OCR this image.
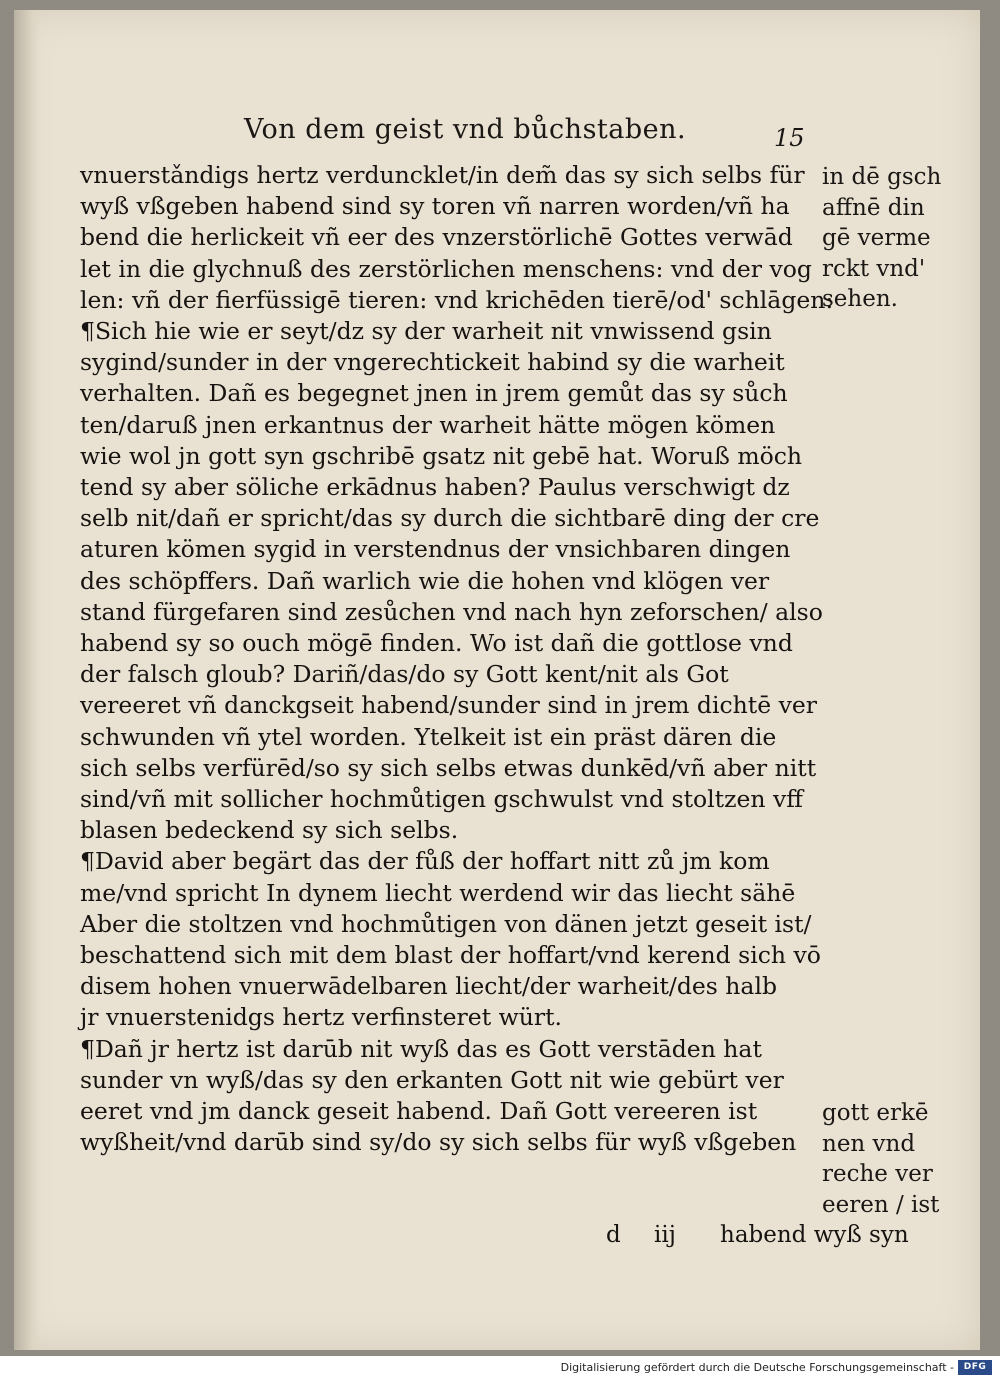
Von dem geist vnd bůchstaben.	15
vnuerstǎndigs hertz verduncklet/in dem̃ das sy sich selbs für
wyß vßgeben habend sind sy toren vñ narren worden/vñ ha
bend die herlickeit vñ eer des vnzerstörlichē Gottes verwād
let in die glychnuß des zerstörlichen menschens: vnd der vog
len: vñ der fierfüssigē tieren: vnd krichēden tierē/od' schlāgen:
¶Sich hie wie er seyt/dz sy der warheit nit vnwissend gsin
sygind/sunder in der vngerechtickeit habind sy die warheit
verhalten. Dañ es begegnet jnen in jrem gemůt das sy sůch
ten/daruß jnen erkantnus der warheit hätte mögen kömen
wie wol jn gott syn gschribē gsatz nit gebē hat. Woruß möch
tend sy aber söliche erkādnus haben? Paulus verschwigt dz
selb nit/dañ er spricht/das sy durch die sichtbarē ding der cre
aturen kömen sygid in verstendnus der vnsichbaren dingen
des schöpffers. Dañ warlich wie die hohen vnd klögen ver
stand fürgefaren sind zesůchen vnd nach hyn zeforschen/ also
habend sy so ouch mögē finden. Wo ist dañ die gottlose vnd
der falsch gloub? Dariñ/das/do sy Gott kent/nit als Got
vereeret vñ danckgseit habend/sunder sind in jrem dichtē ver
schwunden vñ ytel worden. Ytelkeit ist ein präst dären die
sich selbs verfürēd/so sy sich selbs etwas dunkēd/vñ aber nitt
sind/vñ mit sollicher hochmůtigen gschwulst vnd stoltzen vff
blasen bedeckend sy sich selbs.
¶David aber begärt das der fůß der hoffart nitt zů jm kom
me/vnd spricht In dynem liecht werdend wir das liecht sähē
Aber die stoltzen vnd hochmůtigen von dänen jetzt geseit ist/
beschattend sich mit dem blast der hoffart/vnd kerend sich vō
disem hohen vnuerwādelbaren liecht/der warheit/des halb
jr vnuerstenidgs hertz verfinsteret würt.
¶Dañ jr hertz ist darūb nit wyß das es Gott verstāden hat
sunder vn wyß/das sy den erkanten Gott nit wie gebürt ver
eeret vnd jm danck geseit habend. Dañ Gott vereeren ist
wyßheit/vnd darūb sind sy/do sy sich selbs für wyß vßgeben
in dē gsch
affnē din
gē verme
rckt vnd'
sehen.
gott erkē
nen vnd
reche ver
eeren / ist
d iij habend wyß syn
Digitalisierung gefördert durch die Deutsche Forschungsgemeinschaft -	DFG
